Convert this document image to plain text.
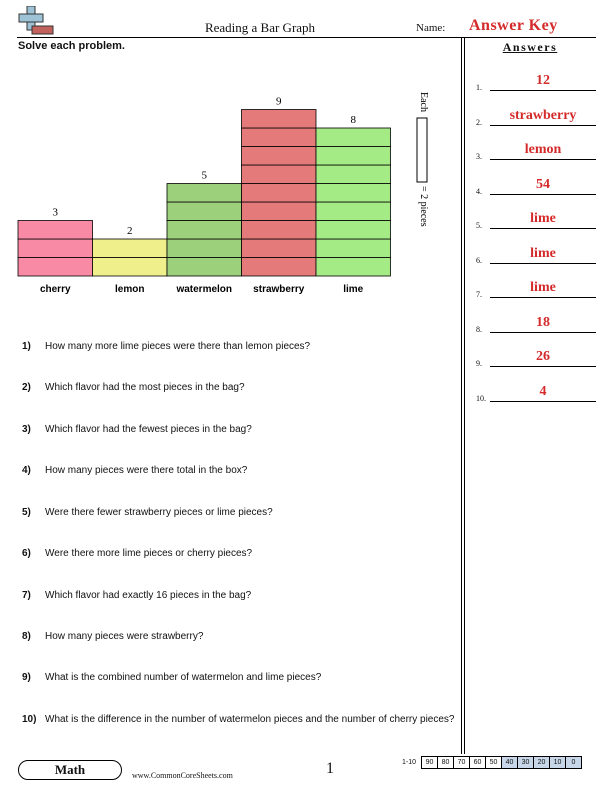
Reading a Bar Graph	Name: Answer Key
Solve each problem.	Answers
1.	12
2.	strawberry
3.	lemon
4.	54
5.	lime
6.	lime
7.	lime
8.	18
9.	26
10.	4
3
cherry
2
lemon
5
watermelon
9
strawberry
8
lime
Each
= 2 pieces
1) How many more lime pieces were there than lemon pieces?
2) Which flavor had the most pieces in the bag?
3) Which flavor had the fewest pieces in the bag?
4) How many pieces were there total in the box?
5) Were there fewer strawberry pieces or lime pieces?
6) Were there more lime pieces or cherry pieces?
7) Which flavor had exactly 16 pieces in the bag?
8) How many pieces were strawberry?
9) What is the combined number of watermelon and lime pieces?
10) What is the difference in the number of watermelon pieces and the number of cherry pieces?
Math	www.CommonCoreSheets.com	1	1-10	90	80	70	60	50	40	30	20	10	0
